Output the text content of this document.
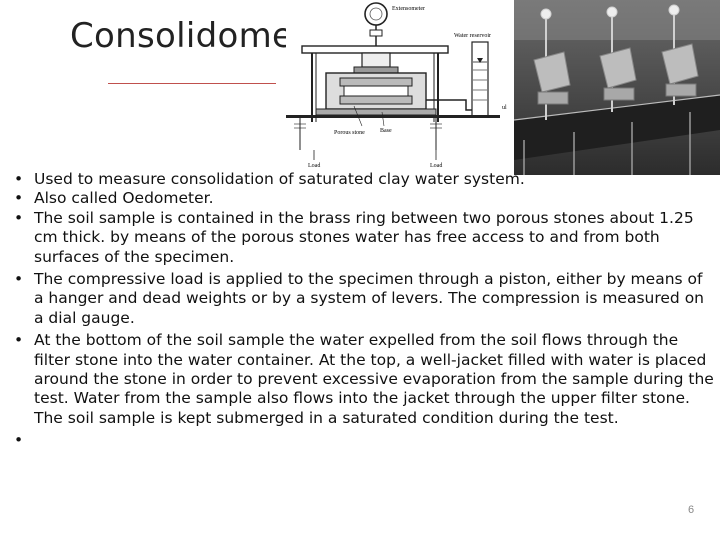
Consolidome
Extensometer
Water reservoir
ul
Porous stone	Base
Load	Load
• Used to measure consolidation of saturated clay water system.
• Also called Oedometer.
• The soil sample is contained in the brass ring between two porous stones about 1.25 cm thick. by means of the porous stones water has free access to and from both surfaces of the specimen.
• The compressive load is applied to the specimen through a piston, either by means of a hanger and dead weights or by a system of levers. The compression is measured on a dial gauge.
• At the bottom of the soil sample the water expelled from the soil flows through the filter stone into the water container. At the top, a well-jacket filled with water is placed around the stone in order to prevent excessive evaporation from the sample during the test. Water from the sample also flows into the jacket through the upper filter stone. The soil sample is kept submerged in a saturated condition during the test.
•
6
